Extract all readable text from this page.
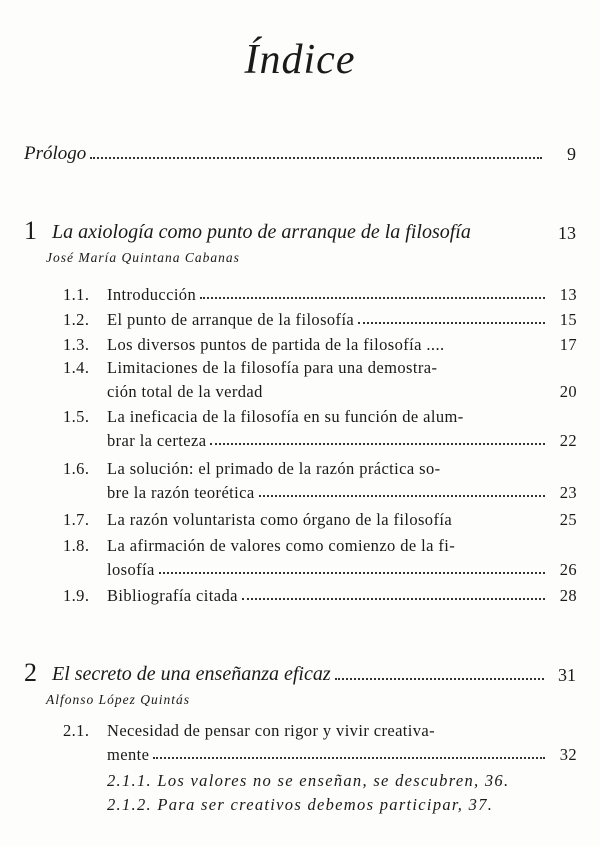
Índice
Prólogo	9
1 La axiología como punto de arranque de la filosofía	13
José María Quintana Cabanas
1.1. Introducción	13
1.2. El punto de arranque de la filosofía	15
1.3. Los diversos puntos de partida de la filosofía ....	17
1.4. Limitaciones de la filosofía para una demostra-
ción total de la verdad	20
1.5. La ineficacia de la filosofía en su función de alum-
brar la certeza	22
1.6. La solución: el primado de la razón práctica so-
bre la razón teorética	23
1.7. La razón voluntarista como órgano de la filosofía	25
1.8. La afirmación de valores como comienzo de la fi-
losofía	26
1.9. Bibliografía citada	28
2 El secreto de una enseñanza eficaz	31
Alfonso López Quintás
2.1. Necesidad de pensar con rigor y vivir creativa-
mente	32
2.1.1. Los valores no se enseñan, se descubren, 36.
2.1.2. Para ser creativos debemos participar, 37.
